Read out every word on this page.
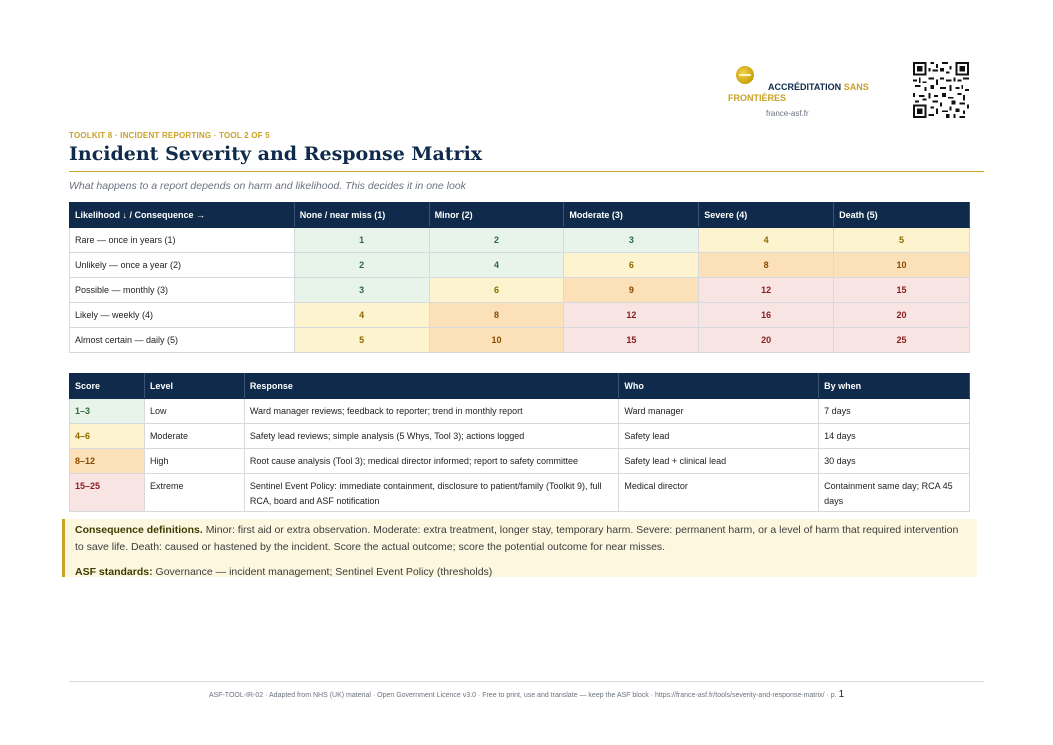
ACCRÉDITATION SANS
FRONTIÈRES
france-asf.fr
TOOLKIT 8 · INCIDENT REPORTING · TOOL 2 OF 5
Incident Severity and Response Matrix
What happens to a report depends on harm and likelihood. This decides it in one look
Likelihood ↓ / Consequence →	None / near miss (1)	Minor (2)	Moderate (3)	Severe (4)	Death (5)
Rare — once in years (1)	1	2	3	4	5
Unlikely — once a year (2)	2	4	6	8	10
Possible — monthly (3)	3	6	9	12	15
Likely — weekly (4)	4	8	12	16	20
Almost certain — daily (5)	5	10	15	20	25
Score	Level	Response	Who	By when
1–3	Low	Ward manager reviews; feedback to reporter; trend in monthly report	Ward manager	7 days
4–6	Moderate	Safety lead reviews; simple analysis (5 Whys, Tool 3); actions logged	Safety lead	14 days
8–12	High	Root cause analysis (Tool 3); medical director informed; report to safety committee	Safety lead + clinical lead	30 days
15–25	Extreme	Sentinel Event Policy: immediate containment, disclosure to patient/family (Toolkit 9), full RCA, board and ASF notification	Medical director	Containment same day; RCA 45 days
Consequence definitions. Minor: first aid or extra observation. Moderate: extra treatment, longer stay, temporary harm. Severe: permanent harm, or a level of harm that required intervention to save life. Death: caused or hastened by the incident. Score the actual outcome; score the potential outcome for near misses.
ASF standards: Governance — incident management; Sentinel Event Policy (thresholds)
ASF-TOOL-IR-02 · Adapted from NHS (UK) material · Open Government Licence v3.0 · Free to print, use and translate — keep the ASF block · https://france-asf.fr/tools/severity-and-response-matrix/ · p. 1
